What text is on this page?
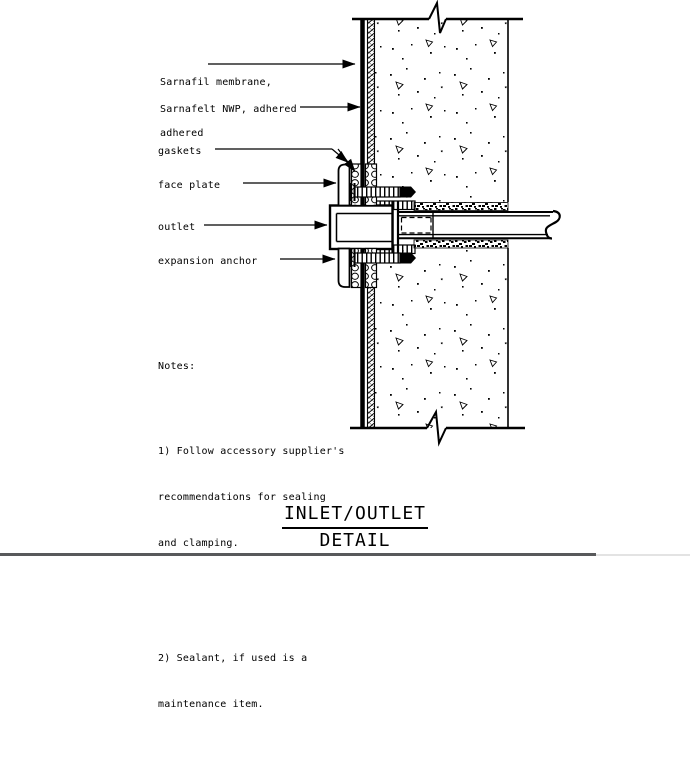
Sarnafil membrane,

adhered

Sarnafelt NWP, adhered
gaskets
face plate
outlet
expansion anchor

Notes:

1) Follow accessory supplier's

recommendations for sealing

and clamping.

2) Sealant, if used is a

maintenance item.

INLET/OUTLET
DETAIL
